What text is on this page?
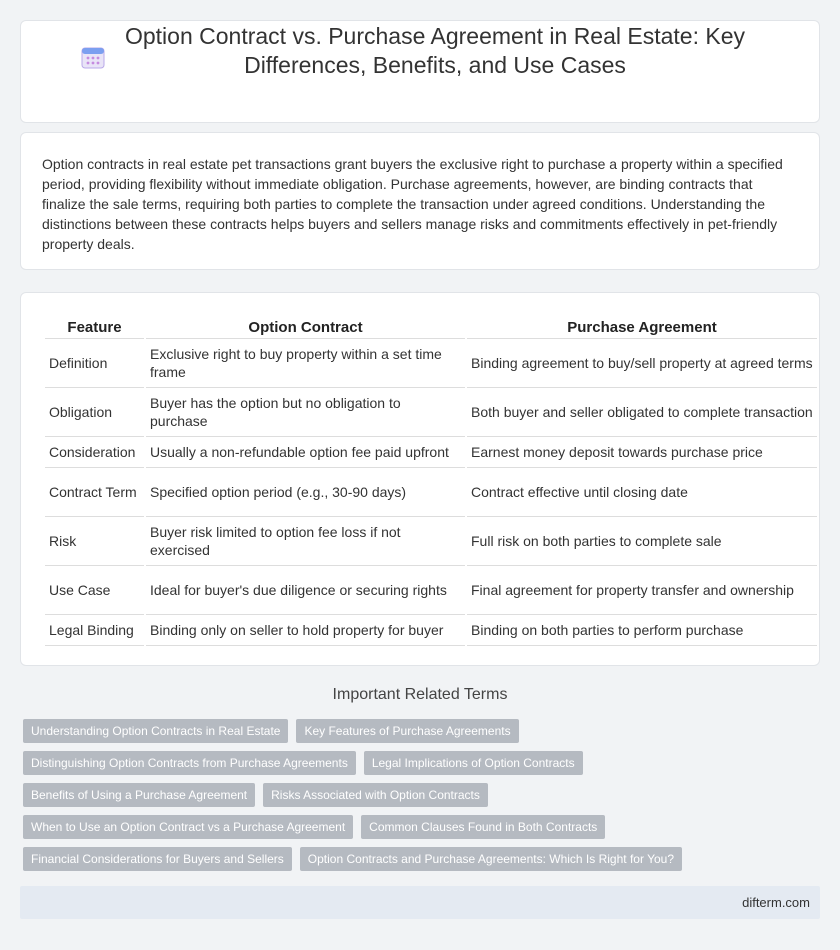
Option Contract vs. Purchase Agreement in Real Estate: Key Differences, Benefits, and Use Cases

Option contracts in real estate pet transactions grant buyers the exclusive right to purchase a property within a specified period, providing flexibility without immediate obligation. Purchase agreements, however, are binding contracts that finalize the sale terms, requiring both parties to complete the transaction under agreed conditions. Understanding the distinctions between these contracts helps buyers and sellers manage risks and commitments effectively in pet-friendly property deals.

Feature	Option Contract	Purchase Agreement
Definition	Exclusive right to buy property within a set time frame	Binding agreement to buy/sell property at agreed terms
Obligation	Buyer has the option but no obligation to purchase	Both buyer and seller obligated to complete transaction
Consideration	Usually a non-refundable option fee paid upfront	Earnest money deposit towards purchase price
Contract Term	Specified option period (e.g., 30-90 days)	Contract effective until closing date
Risk	Buyer risk limited to option fee loss if not exercised	Full risk on both parties to complete sale
Use Case	Ideal for buyer's due diligence or securing rights	Final agreement for property transfer and ownership
Legal Binding	Binding only on seller to hold property for buyer	Binding on both parties to perform purchase
Important Related Terms
Understanding Option Contracts in Real Estate	Key Features of Purchase Agreements
Distinguishing Option Contracts from Purchase Agreements	Legal Implications of Option Contracts
Benefits of Using a Purchase Agreement	Risks Associated with Option Contracts
When to Use an Option Contract vs a Purchase Agreement	Common Clauses Found in Both Contracts
Financial Considerations for Buyers and Sellers	Option Contracts and Purchase Agreements: Which Is Right for You?
difterm.com
